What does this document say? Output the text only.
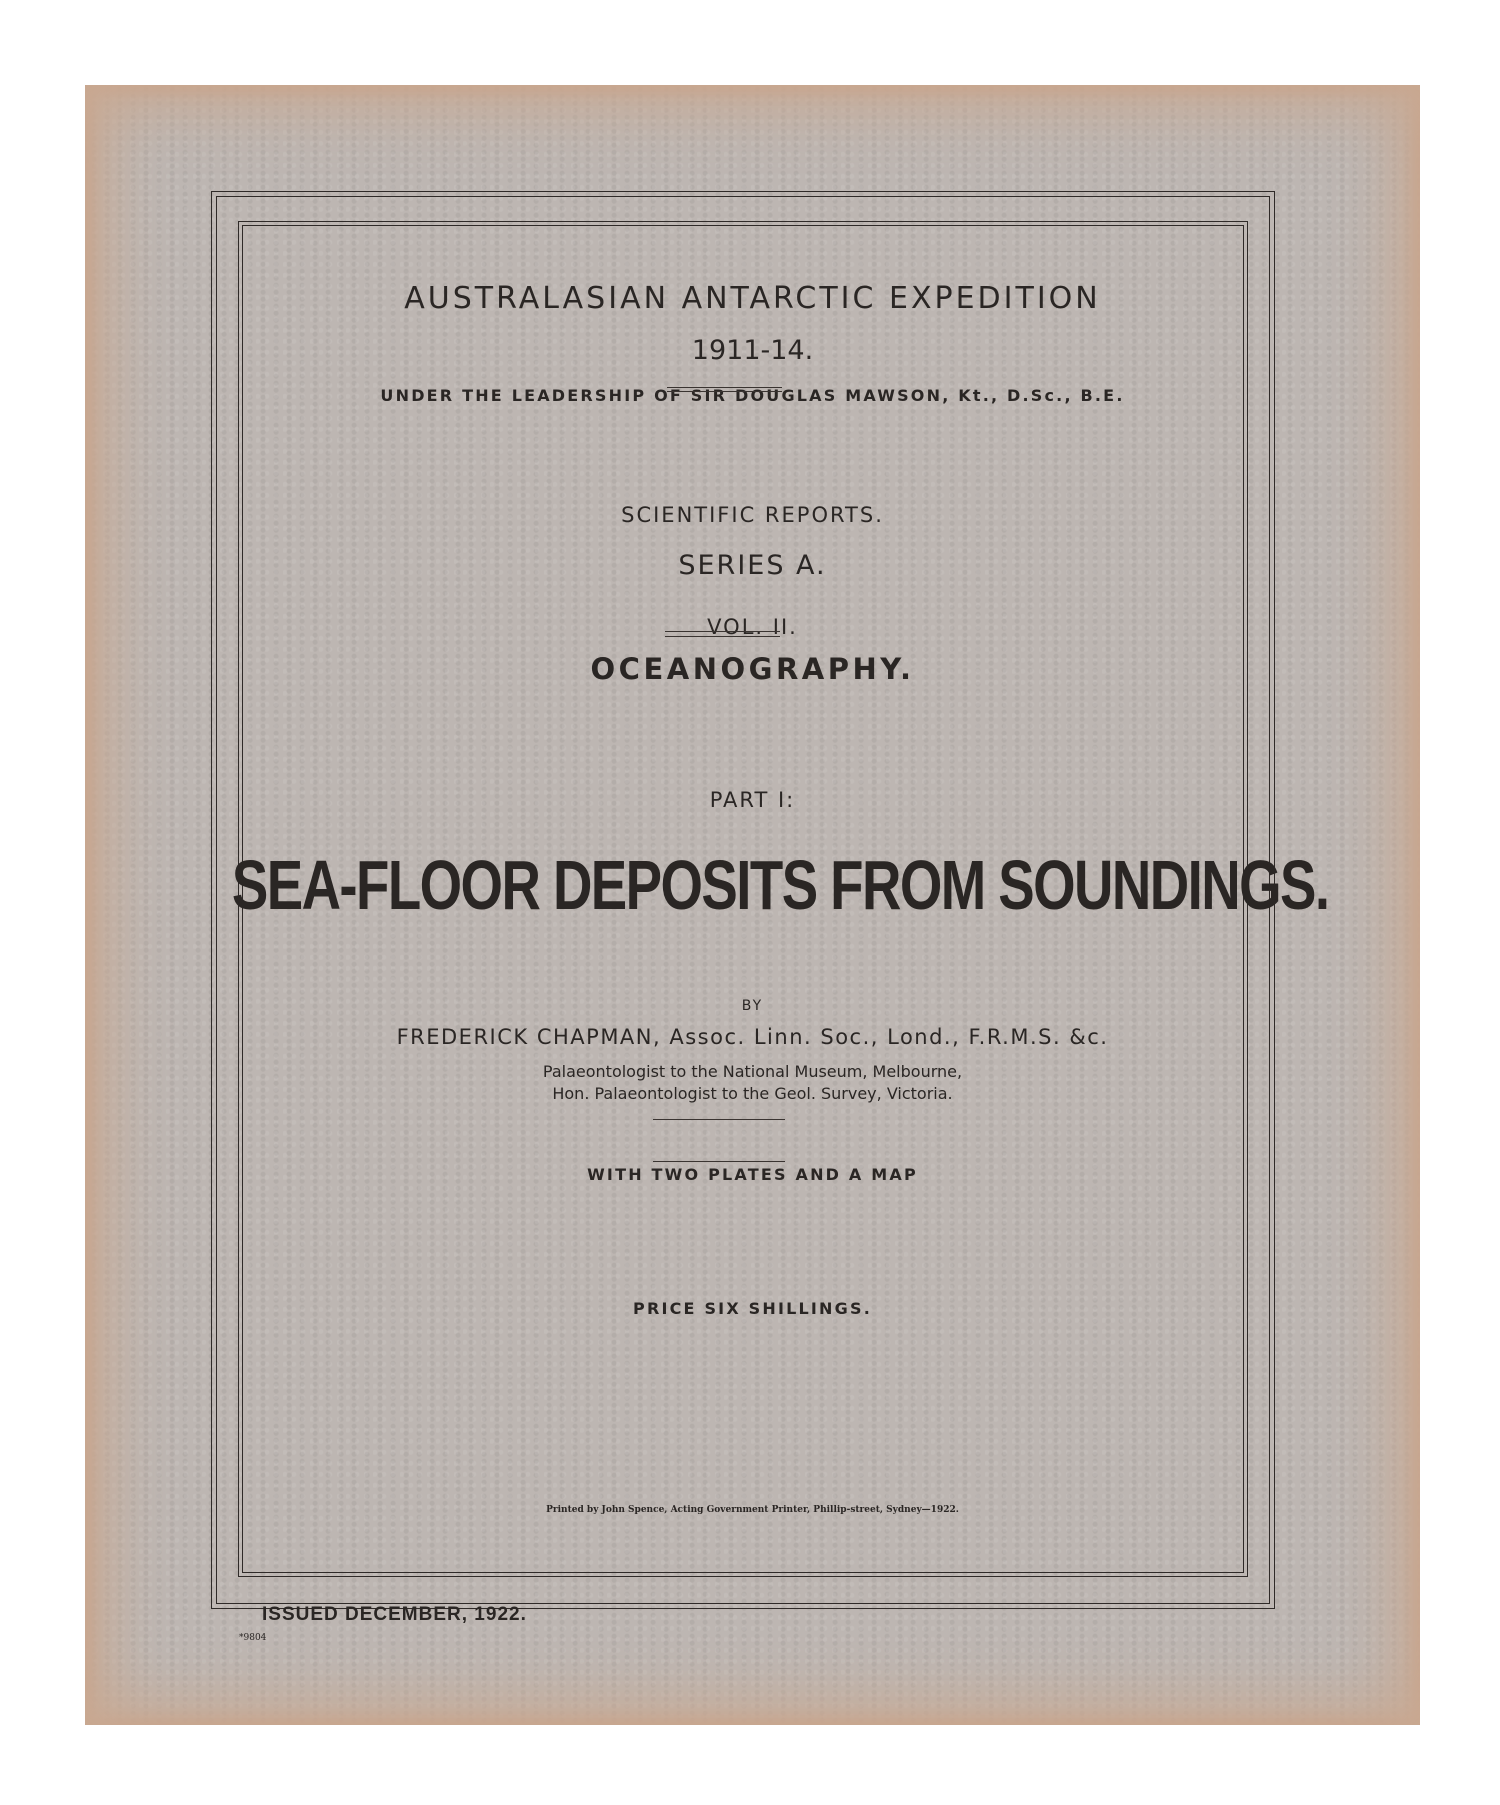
AUSTRALASIAN ANTARCTIC EXPEDITION
1911-14.
UNDER THE LEADERSHIP OF SIR DOUGLAS MAWSON, Kt., D.Sc., B.E.
SCIENTIFIC REPORTS.
SERIES A.
VOL. II.
OCEANOGRAPHY.
PART I:
SEA-FLOOR DEPOSITS FROM SOUNDINGS.
BY
FREDERICK CHAPMAN, Assoc. Linn. Soc., Lond., F.R.M.S. &c.
Palaeontologist to the National Museum, Melbourne,
Hon. Palaeontologist to the Geol. Survey, Victoria.
WITH TWO PLATES AND A MAP
PRICE SIX SHILLINGS.
Printed by John Spence, Acting Government Printer, Phillip-street, Sydney—1922.
ISSUED DECEMBER, 1922.
*9804
